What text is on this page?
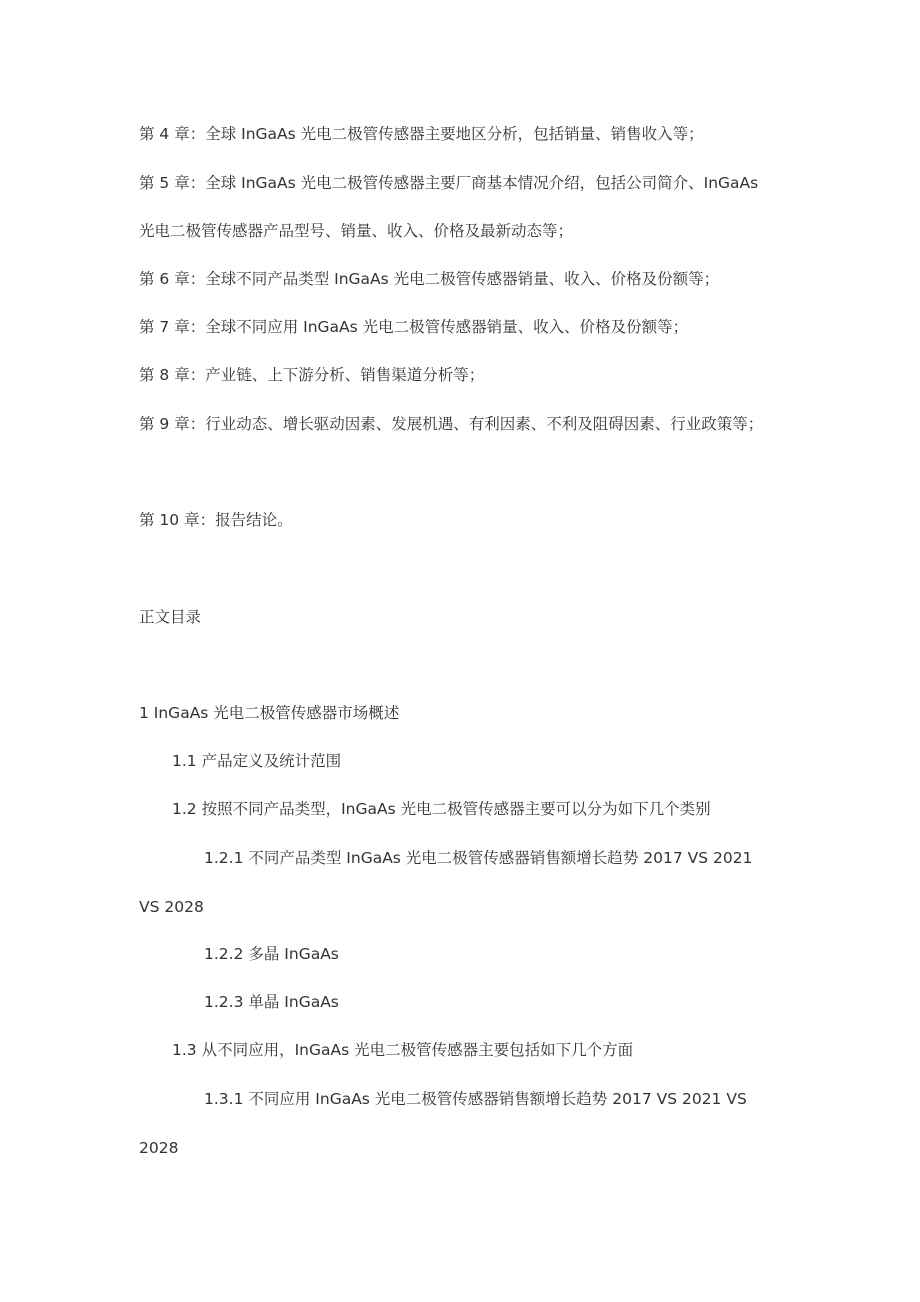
第 4 章：全球 InGaAs 光电二极管传感器主要地区分析，包括销量、销售收入等；
第 5 章：全球 InGaAs 光电二极管传感器主要厂商基本情况介绍，包括公司简介、InGaAs
光电二极管传感器产品型号、销量、收入、价格及最新动态等；
第 6 章：全球不同产品类型 InGaAs 光电二极管传感器销量、收入、价格及份额等；
第 7 章：全球不同应用 InGaAs 光电二极管传感器销量、收入、价格及份额等；
第 8 章：产业链、上下游分析、销售渠道分析等；
第 9 章：行业动态、增长驱动因素、发展机遇、有利因素、不利及阻碍因素、行业政策等；
第 10 章：报告结论。
正文目录
1 InGaAs 光电二极管传感器市场概述
1.1 产品定义及统计范围
1.2 按照不同产品类型，InGaAs 光电二极管传感器主要可以分为如下几个类别
1.2.1 不同产品类型 InGaAs 光电二极管传感器销售额增长趋势 2017 VS 2021
VS 2028
1.2.2 多晶 InGaAs
1.2.3 单晶 InGaAs
1.3 从不同应用，InGaAs 光电二极管传感器主要包括如下几个方面
1.3.1 不同应用 InGaAs 光电二极管传感器销售额增长趋势 2017 VS 2021 VS
2028
